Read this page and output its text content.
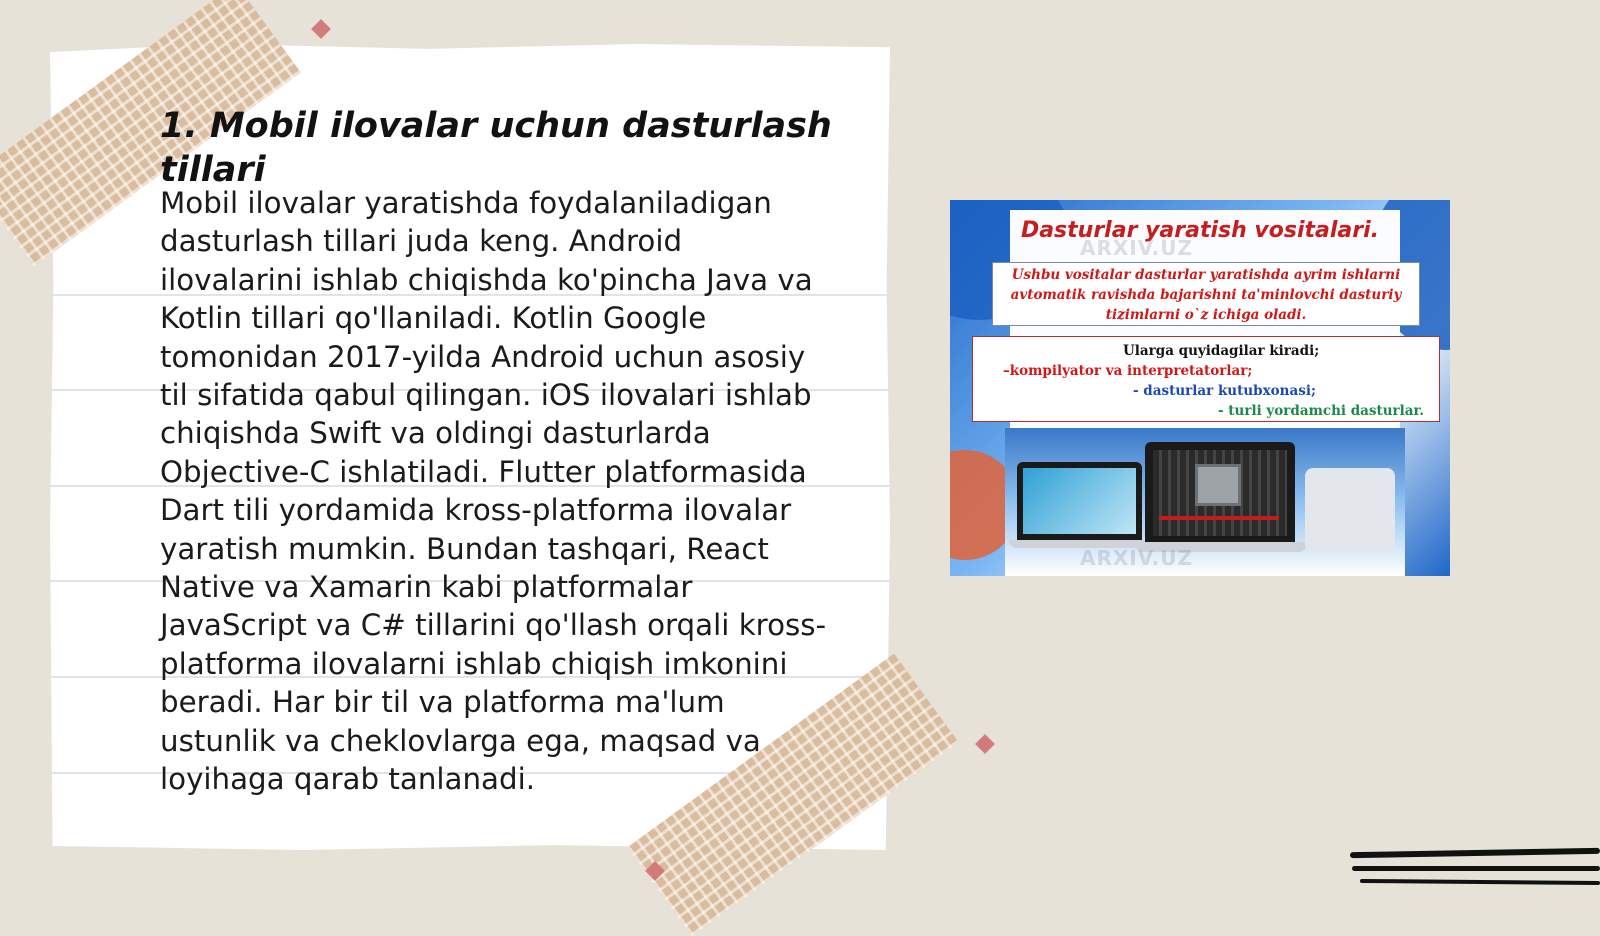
1. Mobil ilovalar uchun dasturlash tillari
Mobil ilovalar yaratishda foydalaniladigan
dasturlash tillari juda keng. Android
ilovalarini ishlab chiqishda ko'pincha Java va
Kotlin tillari qo'llaniladi. Kotlin Google
tomonidan 2017-yilda Android uchun asosiy
til sifatida qabul qilingan. iOS ilovalari ishlab
chiqishda Swift va oldingi dasturlarda
Objective-C ishlatiladi. Flutter platformasida
Dart tili yordamida kross-platforma ilovalar
yaratish mumkin. Bundan tashqari, React
Native va Xamarin kabi platformalar
JavaScript va C# tillarini qo'llash orqali kross-
platforma ilovalarni ishlab chiqish imkonini
beradi. Har bir til va platforma ma'lum
ustunlik va cheklovlarga ega, maqsad va
loyihaga qarab tanlanadi.
Dasturlar yaratish vositalari.
Ushbu vositalar dasturlar yaratishda ayrim ishlarni
avtomatik ravishda bajarishni ta'minlovchi dasturiy
tizimlarni o`z ichiga oladi.
Ularga quyidagilar kiradi;
–kompilyator va interpretatorlar;
- dasturlar kutubxonasi;
- turli yordamchi dasturlar.
ARXIV.UZ
ARXIV.UZ
